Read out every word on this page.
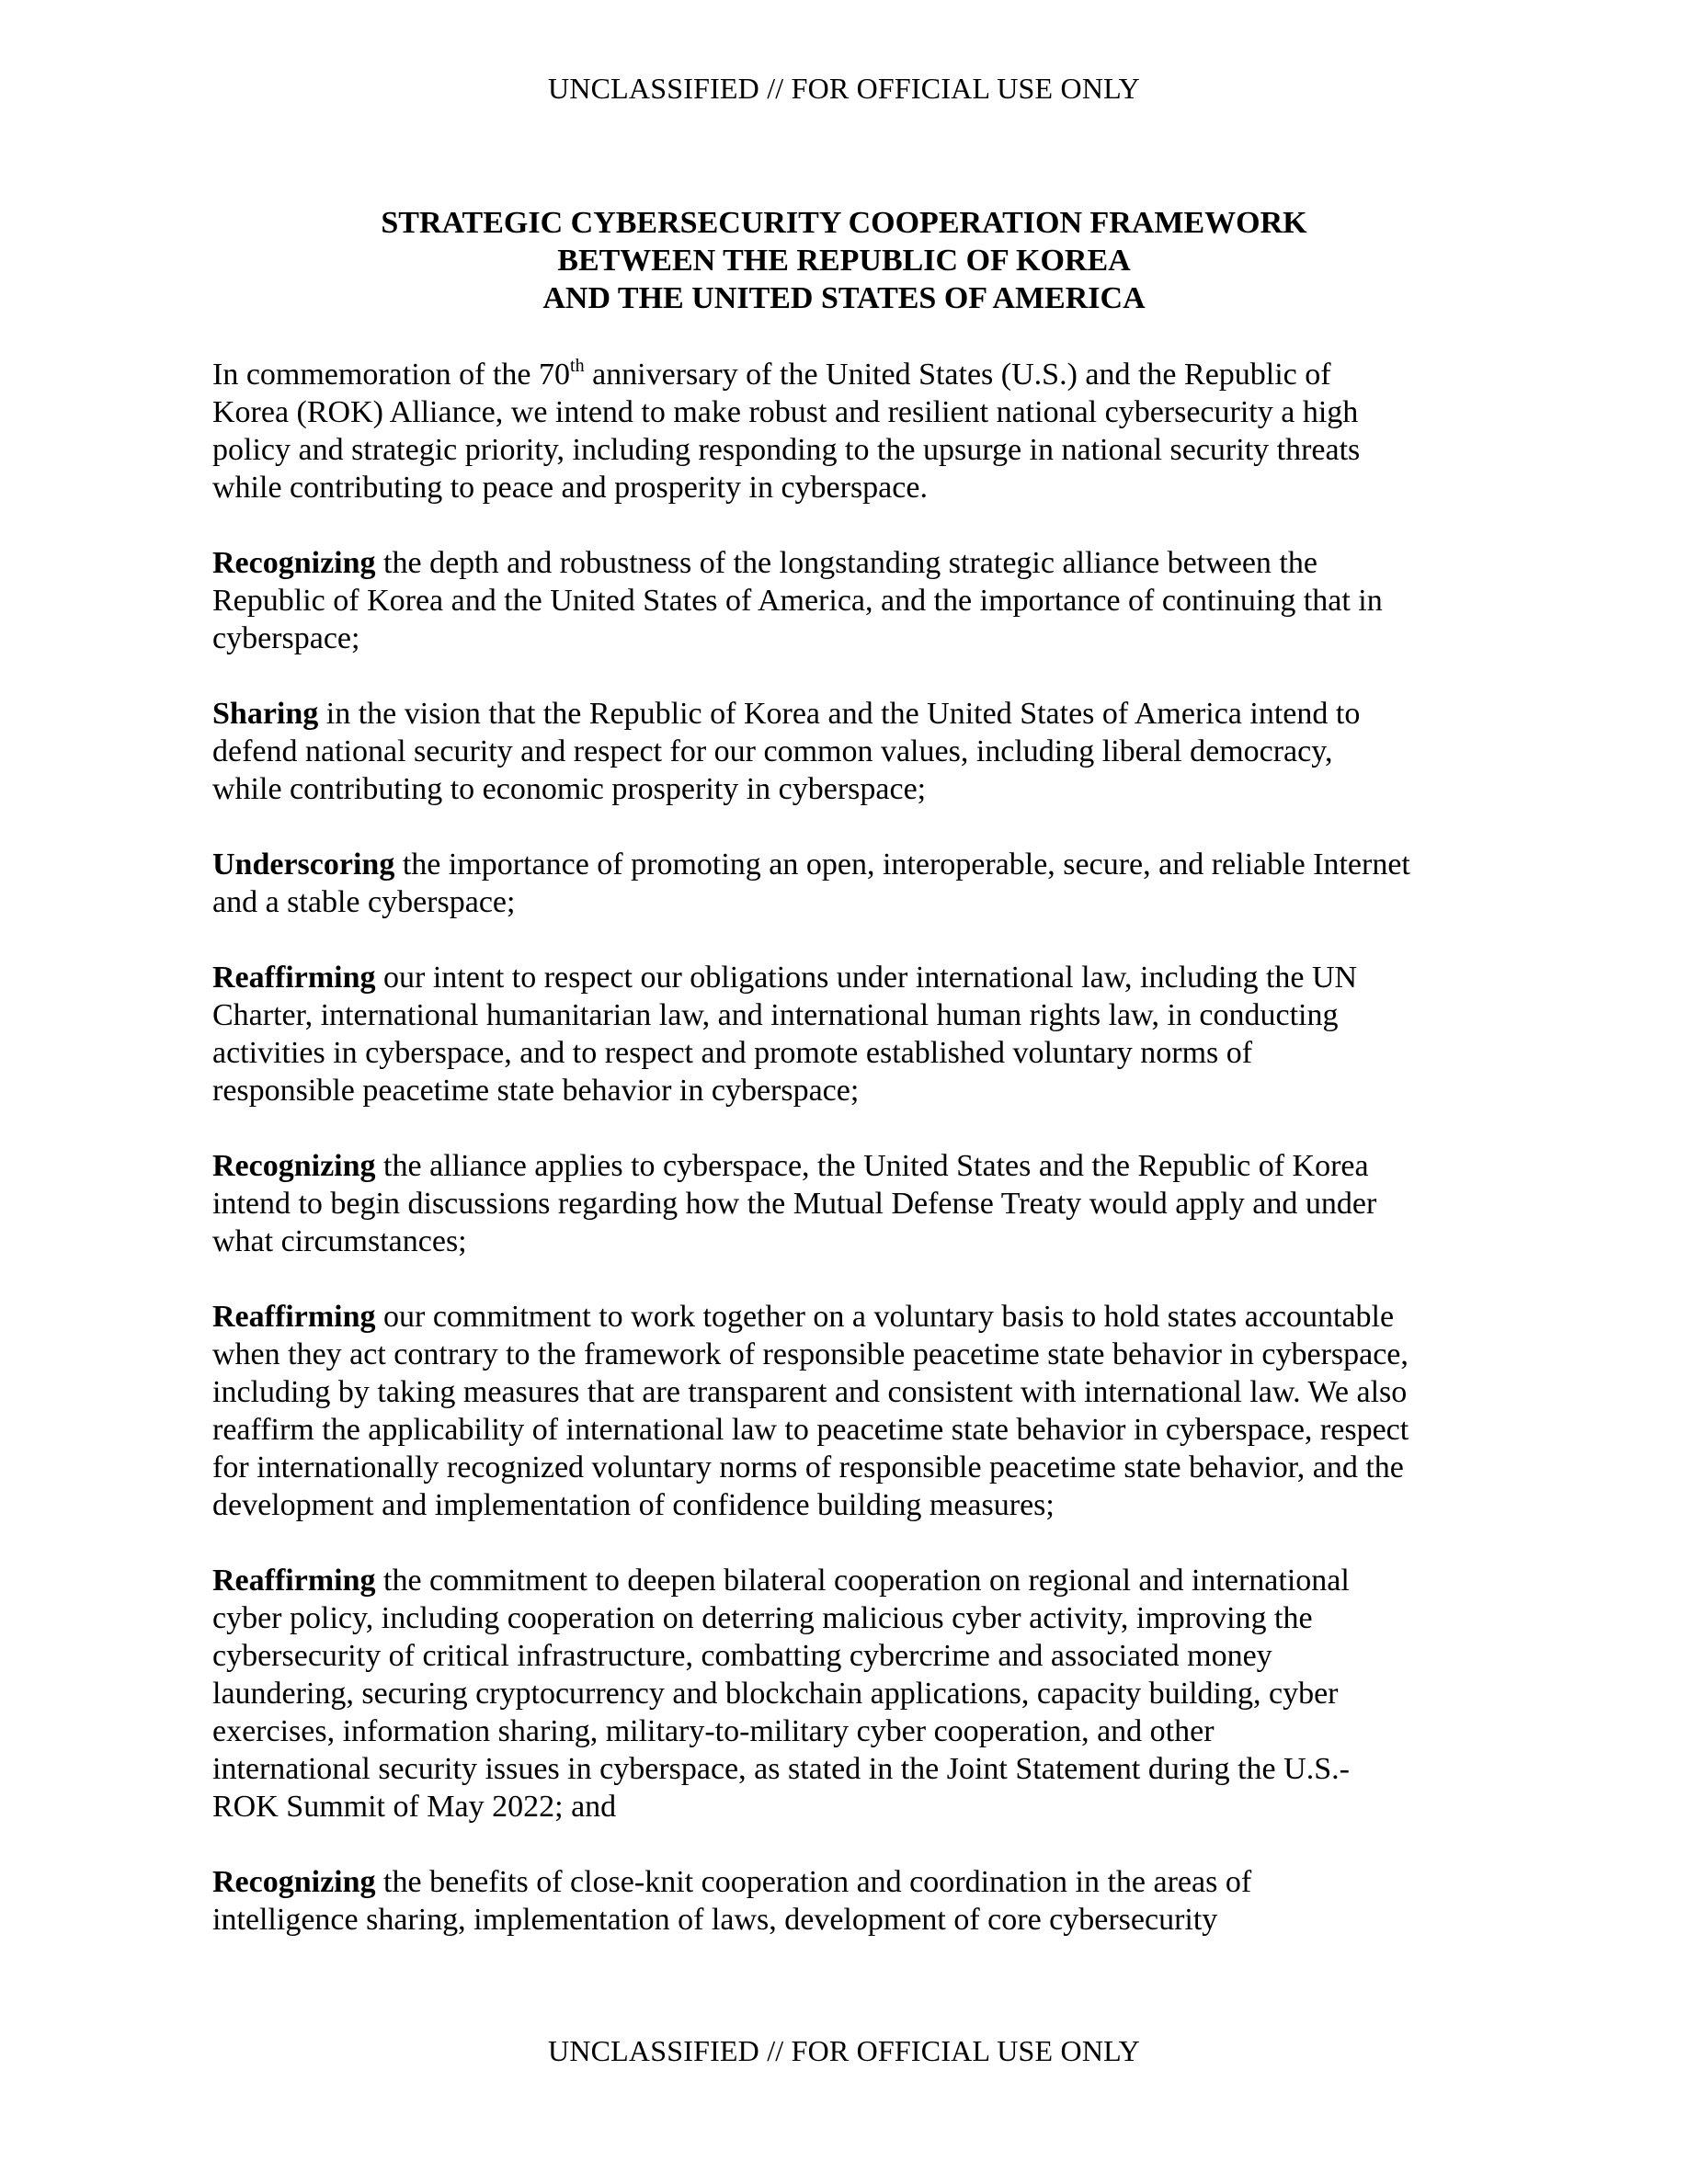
UNCLASSIFIED // FOR OFFICIAL USE ONLY
STRATEGIC CYBERSECURITY COOPERATION FRAMEWORK
BETWEEN THE REPUBLIC OF KOREA
AND THE UNITED STATES OF AMERICA
In commemoration of the 70th anniversary of the United States (U.S.) and the Republic of
Korea (ROK) Alliance, we intend to make robust and resilient national cybersecurity a high
policy and strategic priority, including responding to the upsurge in national security threats
while contributing to peace and prosperity in cyberspace.
Recognizing the depth and robustness of the longstanding strategic alliance between the
Republic of Korea and the United States of America, and the importance of continuing that in
cyberspace;
Sharing in the vision that the Republic of Korea and the United States of America intend to
defend national security and respect for our common values, including liberal democracy,
while contributing to economic prosperity in cyberspace;
Underscoring the importance of promoting an open, interoperable, secure, and reliable Internet
and a stable cyberspace;
Reaffirming our intent to respect our obligations under international law, including the UN
Charter, international humanitarian law, and international human rights law, in conducting
activities in cyberspace, and to respect and promote established voluntary norms of
responsible peacetime state behavior in cyberspace;
Recognizing the alliance applies to cyberspace, the United States and the Republic of Korea
intend to begin discussions regarding how the Mutual Defense Treaty would apply and under
what circumstances;
Reaffirming our commitment to work together on a voluntary basis to hold states accountable
when they act contrary to the framework of responsible peacetime state behavior in cyberspace,
including by taking measures that are transparent and consistent with international law. We also
reaffirm the applicability of international law to peacetime state behavior in cyberspace, respect
for internationally recognized voluntary norms of responsible peacetime state behavior, and the
development and implementation of confidence building measures;
Reaffirming the commitment to deepen bilateral cooperation on regional and international
cyber policy, including cooperation on deterring malicious cyber activity, improving the
cybersecurity of critical infrastructure, combatting cybercrime and associated money
laundering, securing cryptocurrency and blockchain applications, capacity building, cyber
exercises, information sharing, military-to-military cyber cooperation, and other
international security issues in cyberspace, as stated in the Joint Statement during the U.S.-
ROK Summit of May 2022; and
Recognizing the benefits of close-knit cooperation and coordination in the areas of
intelligence sharing, implementation of laws, development of core cybersecurity
UNCLASSIFIED // FOR OFFICIAL USE ONLY
